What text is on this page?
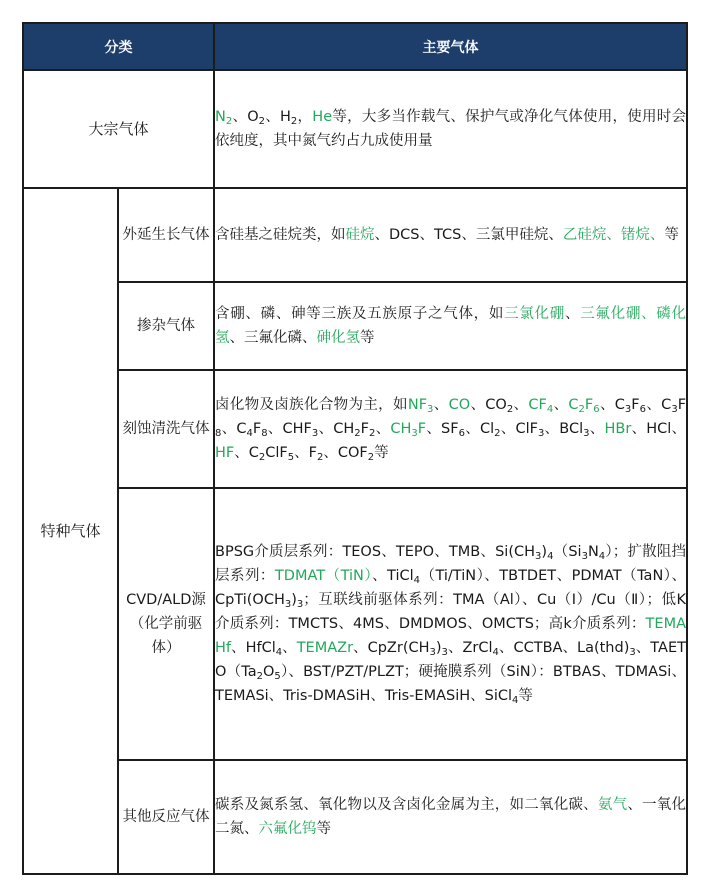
分类		主要气体
大宗气体		$N_2$、$O_2$、$H_2$，He等，大多当作载气、保护气或净化气体使用，使用时会依纯度，其中氮气约占九成使用量
特种气体	外延生长气体	含硅基之硅烷类，如硅烷、DCS、TCS、三氯甲硅烷、乙硅烷、锗烷、等
	掺杂气体	含硼、磷、砷等三族及五族原子之气体，如三氯化硼、三氟化硼、磷化氢、三氟化磷、砷化氢等
	刻蚀清洗气体	卤化物及卤族化合物为主，如$NF_3$、CO、$CO_2$、$CF_4$、$C_2F_6$、$C_3F_6$、$C_3F_8$、$C_4F_8$、$CHF_3$、$CH_2F_2$、$CH_3F$、$SF_6$、$Cl_2$、ClF$_3$、BCl$_3$、HBr、HCl、HF、$C_2ClF_5$、$F_2$、$COF_2$等
	CVD/ALD源（化学前驱体）	BPSG介质层系列：TEOS、TEPO、TMB、$Si(CH_3)_4(Si_3N_4)$；扩散阻挡层系列：TDMAT（TiN）、TiCl$_4$（Ti/TiN）、TBTDET、PDMAT（TaN）、$CpTi(OCH_3)_3$；互联线前驱体系列：TMA（Al）、Cu（Ⅰ）/Cu（Ⅱ）；低K介质系列：TMCTS、4MS、DMDMOS、OMCTS；高k介质系列：TEMAHf、HfCl$_4$、TEMAZr、$CpZr(CH_3)_3$、ZrCl$_4$、CCTBA、$La(thd)_3$、$TAETO(Ta_2O_5)$、BST/PZT/PLZT；硬掩膜系列（SiN）：BTBAS、TDMASi、TEMASi、Tris-DMASiH、Tris-EMASiH、SiCl$_4$等
	其他反应气体	碳系及氮系氢、氧化物以及含卤化金属为主，如二氧化碳、氨气、一氧化二氮、六氟化钨等
